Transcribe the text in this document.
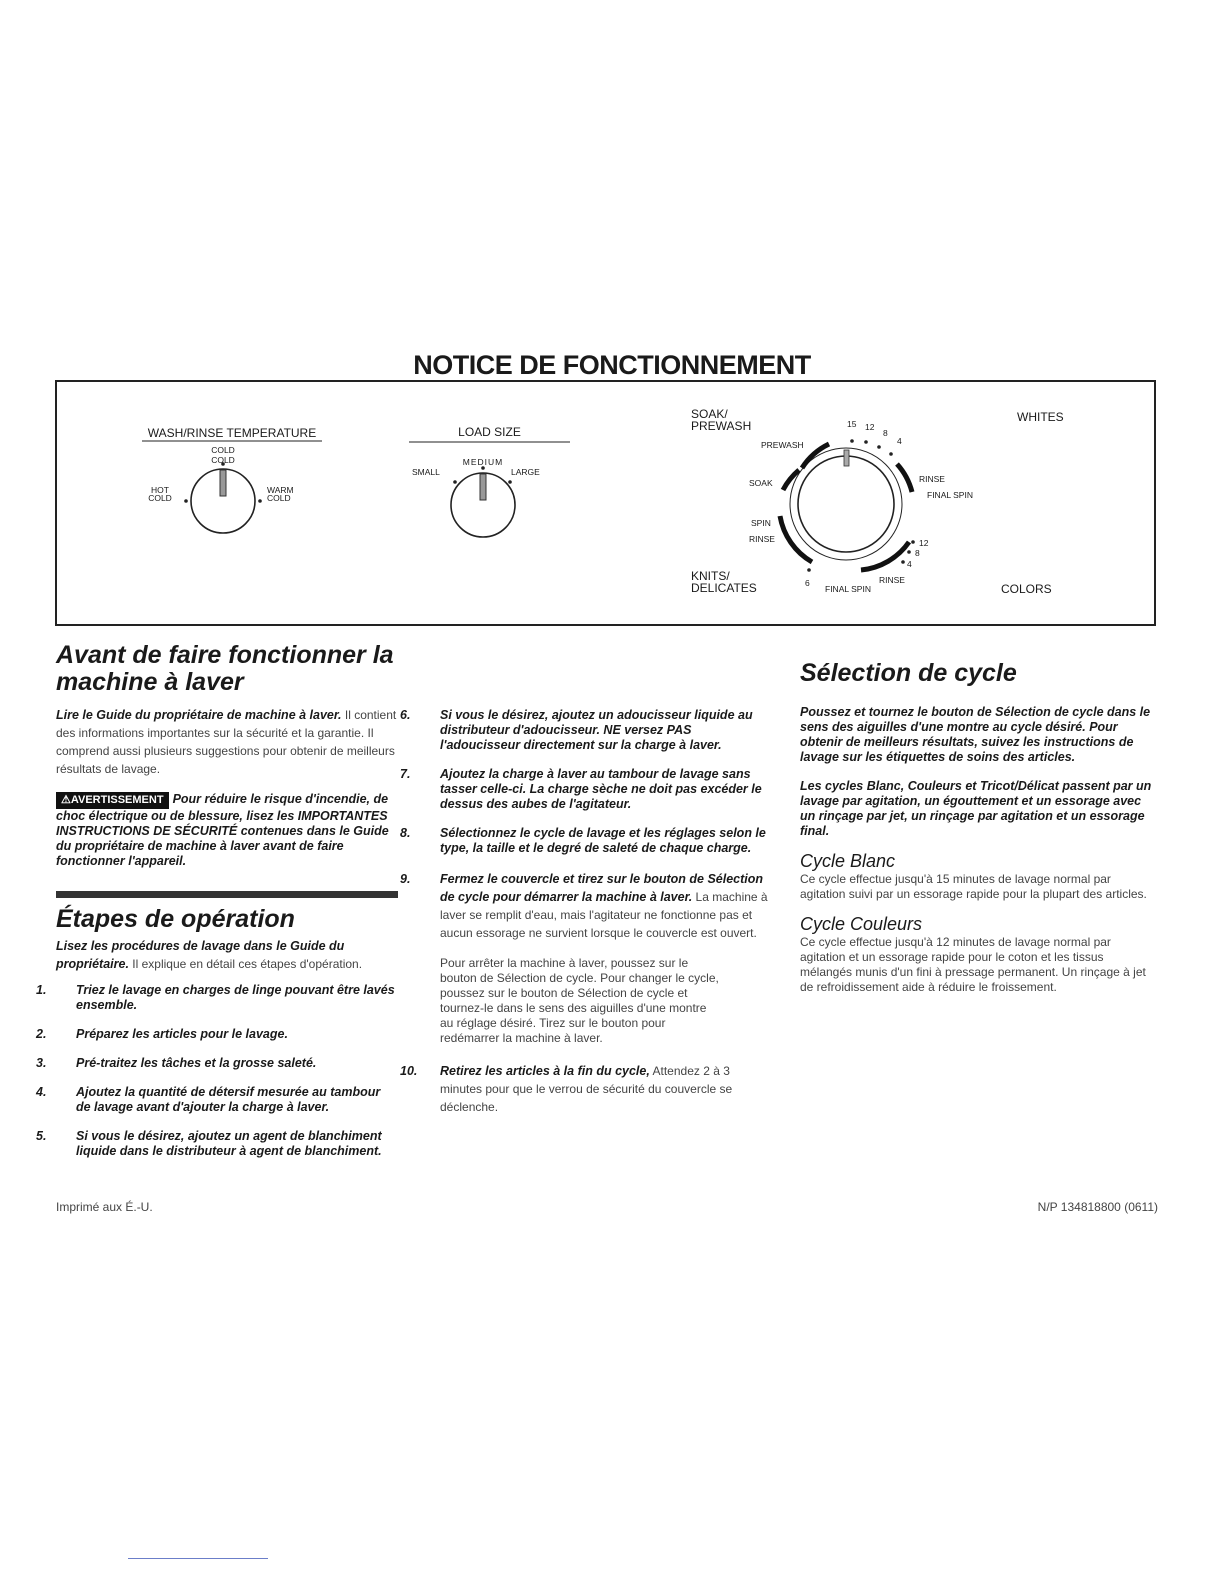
NOTICE DE FONCTIONNEMENT
WASH/RINSE TEMPERATURE
COLD
COLD
HOT
COLD
WARM
COLD
LOAD SIZE
MEDIUM
SMALL	LARGE
SOAK/
PREWASH
WHITES
KNITS/
DELICATES	COLORS
PREWASH
SOAK
SPIN
RINSE
RINSE
FINAL SPIN
RINSE
FINAL SPIN
15 12
8
4
12
8
4
6
Avant de faire fonctionner la machine à laver

Lire le Guide du propriétaire de machine à laver. Il contient des informations importantes sur la sécurité et la garantie. Il comprend aussi plusieurs suggestions pour obtenir de meilleurs résultats de lavage.

⚠AVERTISSEMENT Pour réduire le risque d'incendie, de choc électrique ou de blessure, lisez les IMPORTANTES INSTRUCTIONS DE SÉCURITÉ contenues dans le Guide du propriétaire de machine à laver avant de faire fonctionner l'appareil.

Étapes de opération

Lisez les procédures de lavage dans le Guide du propriétaire. Il explique en détail ces étapes d'opération.

1. Triez le lavage en charges de linge pouvant être lavés ensemble.
2. Préparez les articles pour le lavage.
3. Pré-traitez les tâches et la grosse saleté.
4. Ajoutez la quantité de détersif mesurée au tambour de lavage avant d'ajouter la charge à laver.
5. Si vous le désirez, ajoutez un agent de blanchiment liquide dans le distributeur à agent de blanchiment.
6. Si vous le désirez, ajoutez un adoucisseur liquide au distributeur d'adoucisseur. NE versez PAS l'adoucisseur directement sur la charge à laver.
7. Ajoutez la charge à laver au tambour de lavage sans tasser celle-ci. La charge sèche ne doit pas excéder le dessus des aubes de l'agitateur.
8. Sélectionnez le cycle de lavage et les réglages selon le type, la taille et le degré de saleté de chaque charge.
9. Fermez le couvercle et tirez sur le bouton de Sélection de cycle pour démarrer la machine à laver. La machine à laver se remplit d'eau, mais l'agitateur ne fonctionne pas et aucun essorage ne survient lorsque le couvercle est ouvert.

Pour arrêter la machine à laver, poussez sur le bouton de Sélection de cycle. Pour changer le cycle, poussez sur le bouton de Sélection de cycle et tournez-le dans le sens des aiguilles d'une montre au réglage désiré. Tirez sur le bouton pour redémarrer la machine à laver.

10. Retirez les articles à la fin du cycle, Attendez 2 à 3 minutes pour que le verrou de sécurité du couvercle se déclenche.
Sélection de cycle

Poussez et tournez le bouton de Sélection de cycle dans le sens des aiguilles d'une montre au cycle désiré. Pour obtenir de meilleurs résultats, suivez les instructions de lavage sur les étiquettes de soins des articles.

Les cycles Blanc, Couleurs et Tricot/Délicat passent par un lavage par agitation, un égouttement et un essorage avec un rinçage par jet, un rinçage par agitation et un essorage final.

Cycle Blanc

Ce cycle effectue jusqu'à 15 minutes de lavage normal par agitation suivi par un essorage rapide pour la plupart des articles.

Cycle Couleurs

Ce cycle effectue jusqu'à 12 minutes de lavage normal par agitation et un essorage rapide pour le coton et les tissus mélangés munis d'un fini à pressage permanent. Un rinçage à jet de refroidissement aide à réduire le froissement.

Imprimé aux É.-U.	N/P 134818800 (0611)
